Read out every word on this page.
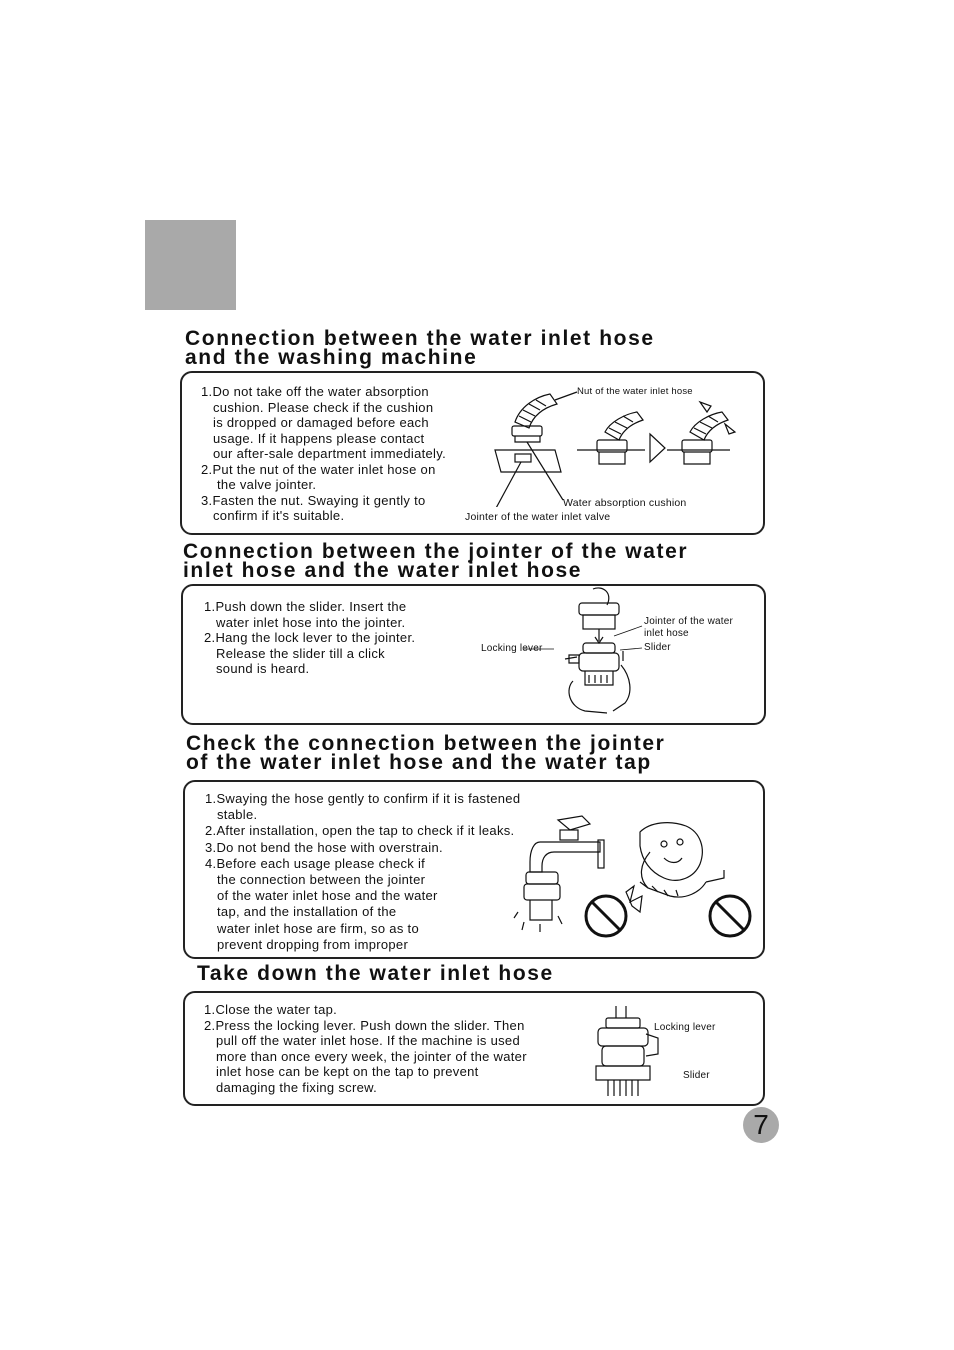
Connection between the water inlet hose
and the washing machine
1.Do not take off the water absorption
cushion. Please check if the cushion
is dropped or damaged before each
usage. If it happens please contact
our after-sale department immediately.
2.Put the nut of the water inlet hose on
the valve jointer.
3.Fasten the nut. Swaying it gently to
confirm if it's suitable.
Nut of the water inlet hose
Water absorption cushion
Jointer of the water inlet valve
Connection between the jointer of the water
inlet hose and the water inlet hose
1.Push down the slider. Insert the
water inlet hose into the jointer.
2.Hang the lock lever to the jointer.
Release the slider till a click
sound is heard.
Locking lever
Jointer of the water
inlet hose
Slider
Check the connection between the jointer
of the water inlet hose and the water tap
1.Swaying the hose gently to confirm if it is fastened
stable.
2.After installation, open the tap to check if it leaks.
3.Do not bend the hose with overstrain.
4.Before each usage please check if
the connection between the jointer
of the water inlet hose and the water
tap, and the installation of the
water inlet hose are firm, so as to
prevent dropping from improper
Take down the water inlet hose
1.Close the water tap.
2.Press the locking lever. Push down the slider. Then
pull off the water inlet hose. If the machine is used
more than once every week, the jointer of the water
inlet hose can be kept on the tap to prevent
damaging the fixing screw.
Locking lever
Slider
7
